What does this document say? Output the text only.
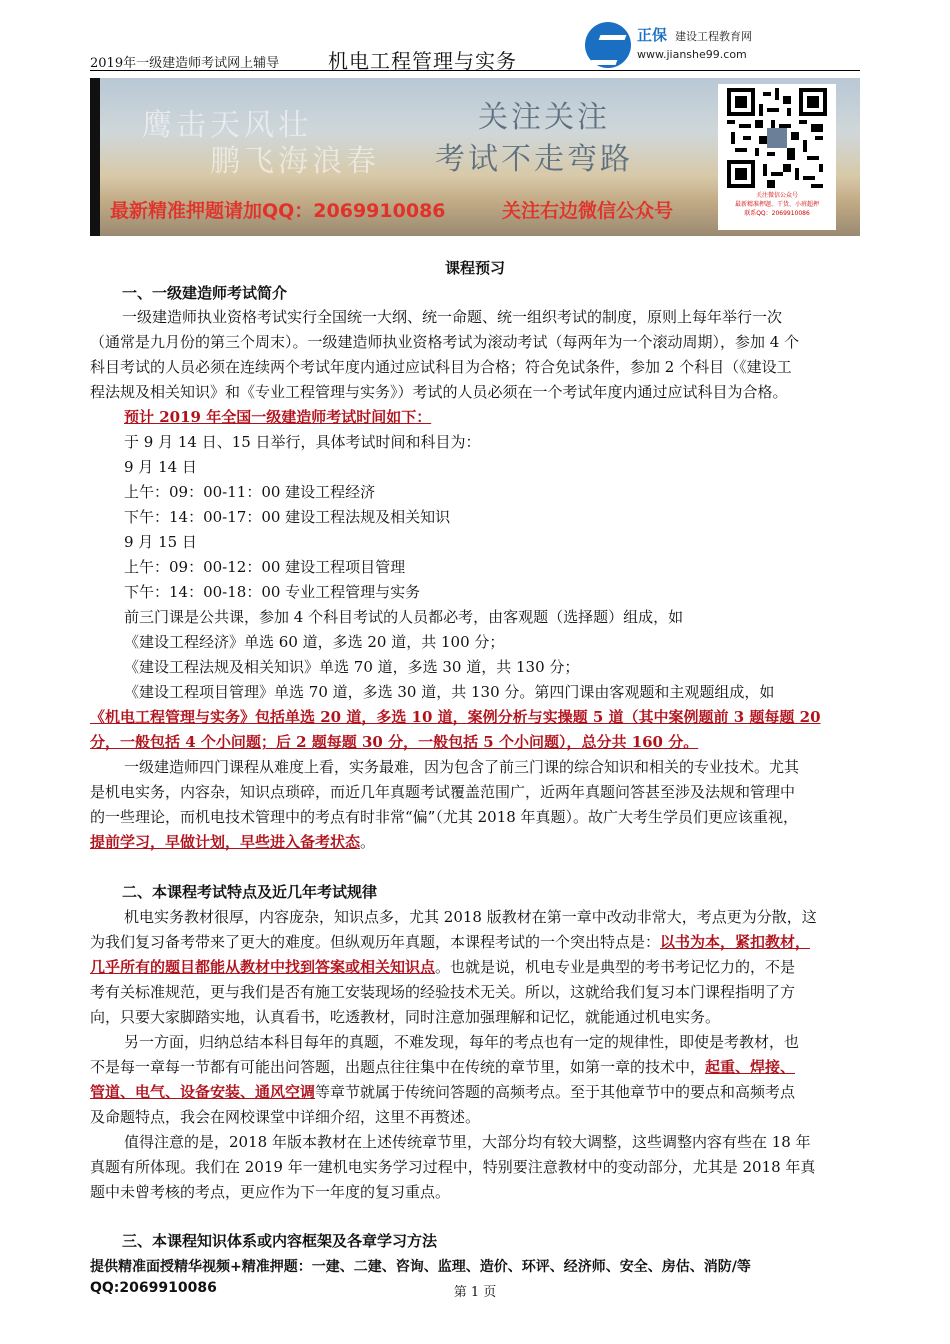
2019年一级建造师考试网上辅导 机电工程管理与实务
正保 建设工程教育网
www.jianshe99.com
鹰击天风壮
鹏飞海浪春
关注关注
考试不走弯路
最新精准押题请加QQ：2069910086	关注右边微信公众号
关注微信公众号
最新精准押题、干货、小班超押
联系QQ：2069910086
课程预习
一、一级建造师考试简介
一级建造师执业资格考试实行全国统一大纲、统一命题、统一组织考试的制度，原则上每年举行一次
（通常是九月份的第三个周末）。一级建造师执业资格考试为滚动考试（每两年为一个滚动周期），参加 4 个
科目考试的人员必须在连续两个考试年度内通过应试科目为合格；符合免试条件，参加 2 个科目（《建设工
程法规及相关知识》和《专业工程管理与实务》）考试的人员必须在一个考试年度内通过应试科目为合格。
预计 2019 年全国一级建造师考试时间如下：
于 9 月 14 日、15 日举行，具体考试时间和科目为：
9 月 14 日
上午：09：00-11：00 建设工程经济
下午：14：00-17：00 建设工程法规及相关知识
9 月 15 日
上午：09：00-12：00 建设工程项目管理
下午：14：00-18：00 专业工程管理与实务
前三门课是公共课，参加 4 个科目考试的人员都必考，由客观题（选择题）组成，如
《建设工程经济》单选 60 道，多选 20 道，共 100 分；
《建设工程法规及相关知识》单选 70 道，多选 30 道，共 130 分；
《建设工程项目管理》单选 70 道，多选 30 道，共 130 分。第四门课由客观题和主观题组成，如
《机电工程管理与实务》包括单选 20 道，多选 10 道，案例分析与实操题 5 道（其中案例题前 3 题每题 20
分，一般包括 4 个小问题；后 2 题每题 30 分，一般包括 5 个小问题），总分共 160 分。
一级建造师四门课程从难度上看，实务最难，因为包含了前三门课的综合知识和相关的专业技术。尤其
是机电实务，内容杂，知识点琐碎，而近几年真题考试覆盖范围广，近两年真题问答甚至涉及法规和管理中
的一些理论，而机电技术管理中的考点有时非常“偏”（尤其 2018 年真题）。故广大考生学员们更应该重视，
提前学习，早做计划，早些进入备考状态。
二、本课程考试特点及近几年考试规律
机电实务教材很厚，内容庞杂，知识点多，尤其 2018 版教材在第一章中改动非常大，考点更为分散，这
为我们复习备考带来了更大的难度。但纵观历年真题，本课程考试的一个突出特点是：以书为本，紧扣教材，
几乎所有的题目都能从教材中找到答案或相关知识点。也就是说，机电专业是典型的考书考记忆力的，不是
考有关标准规范，更与我们是否有施工安装现场的经验技术无关。所以，这就给我们复习本门课程指明了方
向，只要大家脚踏实地，认真看书，吃透教材，同时注意加强理解和记忆，就能通过机电实务。
另一方面，归纳总结本科目每年的真题，不难发现，每年的考点也有一定的规律性，即使是考教材，也
不是每一章每一节都有可能出问答题，出题点往往集中在传统的章节里，如第一章的技术中，起重、焊接、
管道、电气、设备安装、通风空调等章节就属于传统问答题的高频考点。至于其他章节中的要点和高频考点
及命题特点，我会在网校课堂中详细介绍，这里不再赘述。
值得注意的是，2018 年版本教材在上述传统章节里，大部分均有较大调整，这些调整内容有些在 18 年
真题有所体现。我们在 2019 年一建机电实务学习过程中，特别要注意教材中的变动部分，尤其是 2018 年真
题中未曾考核的考点，更应作为下一年度的复习重点。
三、本课程知识体系或内容框架及各章学习方法
提供精准面授精华视频+精准押题：一建、二建、咨询、监理、造价、环评、经济师、安全、房估、消防/等
QQ:2069910086	第 1 页
